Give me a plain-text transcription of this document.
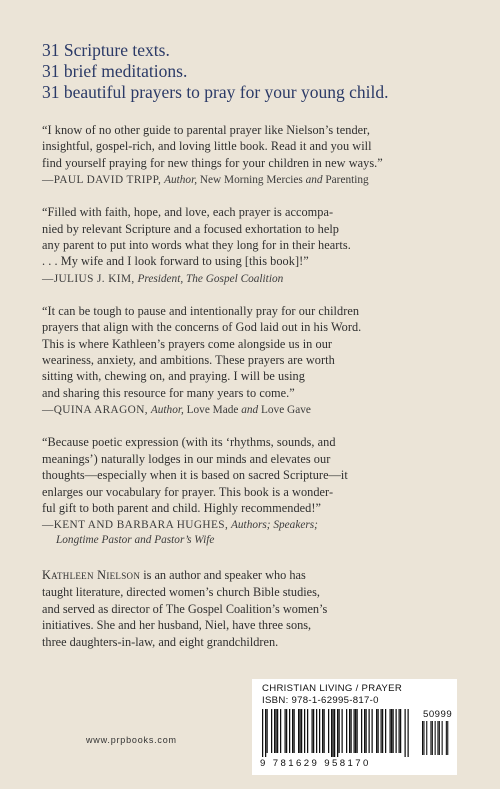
31 Scripture texts.
31 brief meditations.
31 beautiful prayers to pray for your young child.
“I know of no other guide to parental prayer like Nielson’s tender,
insightful, gospel-rich, and loving little book. Read it and you will
find yourself praying for new things for your children in new ways.”
—PAUL DAVID TRIPP, Author, New Morning Mercies and Parenting
“Filled with faith, hope, and love, each prayer is accompa-
nied by relevant Scripture and a focused exhortation to help
any parent to put into words what they long for in their hearts.
. . . My wife and I look forward to using [this book]!”
—JULIUS J. KIM, President, The Gospel Coalition
“It can be tough to pause and intentionally pray for our children
prayers that align with the concerns of God laid out in his Word.
This is where Kathleen’s prayers come alongside us in our
weariness, anxiety, and ambitions. These prayers are worth
sitting with, chewing on, and praying. I will be using
and sharing this resource for many years to come.”
—QUINA ARAGON, Author, Love Made and Love Gave
“Because poetic expression (with its ‘rhythms, sounds, and
meanings’) naturally lodges in our minds and elevates our
thoughts—especially when it is based on sacred Scripture—it
enlarges our vocabulary for prayer. This book is a wonder-
ful gift to both parent and child. Highly recommended!”
—KENT AND BARBARA HUGHES, Authors; Speakers;
Longtime Pastor and Pastor’s Wife
Kathleen Nielson is an author and speaker who has
taught literature, directed women’s church Bible studies,
and served as director of The Gospel Coalition’s women’s
initiatives. She and her husband, Niel, have three sons,
three daughters-in-law, and eight grandchildren.
www.prpbooks.com
CHRISTIAN LIVING / PRAYER
ISBN: 978-1-62995-817-0
50999
9 781629 958170
